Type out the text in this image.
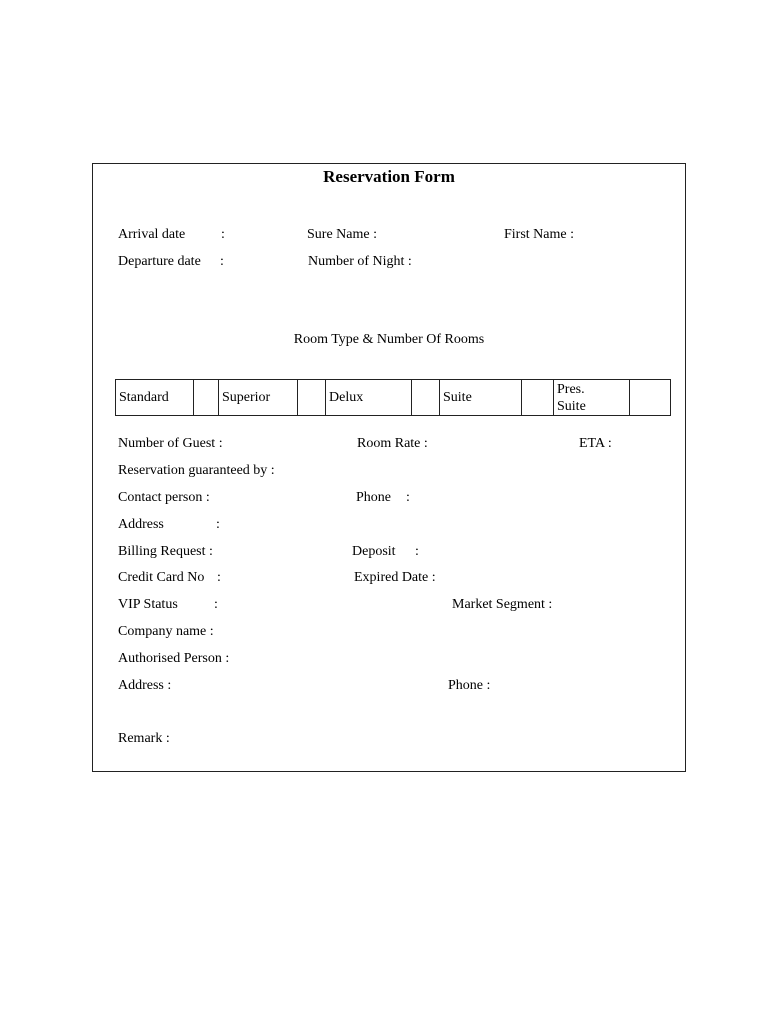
Reservation Form
Arrival date	:	Sure Name :	First Name :
Departure date :	Number of Night :
Room Type & Number Of Rooms
Standard		Superior		Delux		Suite		Pres.
Suite	
Number of Guest :	Room Rate :	ETA :
Reservation guaranteed by :
Contact person :	Phone :
Address	:
Billing Request :	Deposit :
Credit Card No :	Expired Date :
VIP Status	:	Market Segment :
Company name :
Authorised Person :
Address :	Phone :
Remark :
